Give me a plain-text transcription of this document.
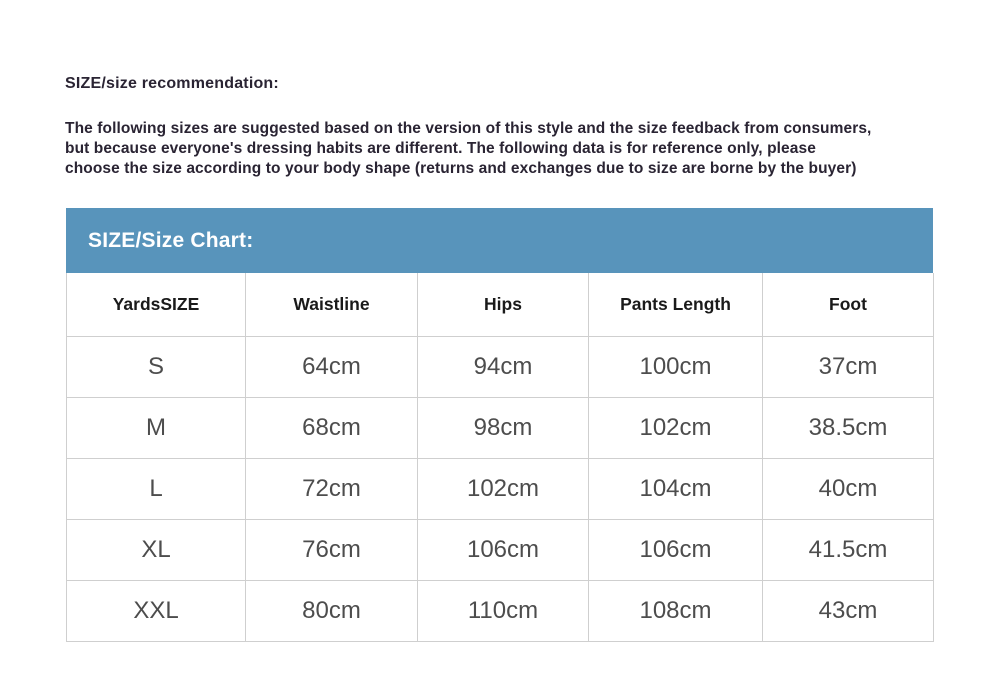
SIZE/size recommendation:
The following sizes are suggested based on the version of this style and the size feedback from consumers,
but because everyone's dressing habits are different. The following data is for reference only, please
choose the size according to your body shape (returns and exchanges due to size are borne by the buyer)
SIZE/Size Chart:
YardsSIZE	Waistline	Hips	Pants Length	Foot
S	64cm	94cm	100cm	37cm
M	68cm	98cm	102cm	38.5cm
L	72cm	102cm	104cm	40cm
XL	76cm	106cm	106cm	41.5cm
XXL	80cm	110cm	108cm	43cm
